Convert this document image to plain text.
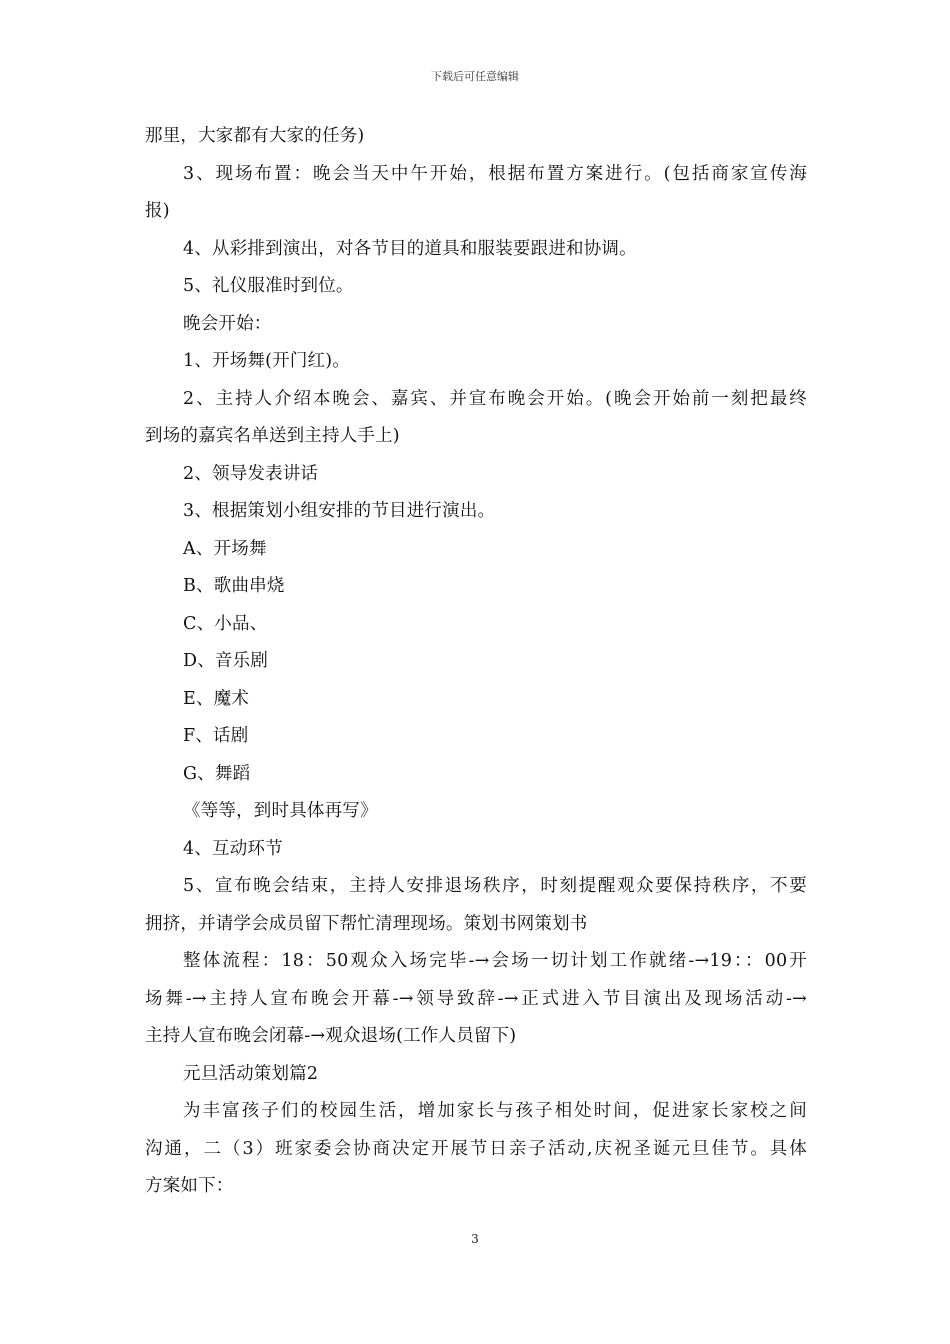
下载后可任意编辑
那里，大家都有大家的任务)
3、现场布置：晚会当天中午开始，根据布置方案进行。(包括商家宣传海
报)
4、从彩排到演出，对各节目的道具和服装要跟进和协调。
5、礼仪服准时到位。
晚会开始：
1、开场舞(开门红)。
2、主持人介绍本晚会、嘉宾、并宣布晚会开始。(晚会开始前一刻把最终
到场的嘉宾名单送到主持人手上)
2、领导发表讲话
3、根据策划小组安排的节目进行演出。
A、开场舞
B、歌曲串烧
C、小品、
D、音乐剧
E、魔术
F、话剧
G、舞蹈
《等等，到时具体再写》
4、互动环节
5、宣布晚会结束，主持人安排退场秩序，时刻提醒观众要保持秩序，不要
拥挤，并请学会成员留下帮忙清理现场。策划书网策划书
整体流程：18：50观众入场完毕-→会场一切计划工作就绪-→19：：00开
场舞-→主持人宣布晚会开幕-→领导致辞-→正式进入节目演出及现场活动-→
主持人宣布晚会闭幕-→观众退场(工作人员留下)
元旦活动策划篇2
为丰富孩子们的校园生活，增加家长与孩子相处时间，促进家长家校之间
沟通，二（3）班家委会协商决定开展节日亲子活动,庆祝圣诞元旦佳节。具体
方案如下：
3
